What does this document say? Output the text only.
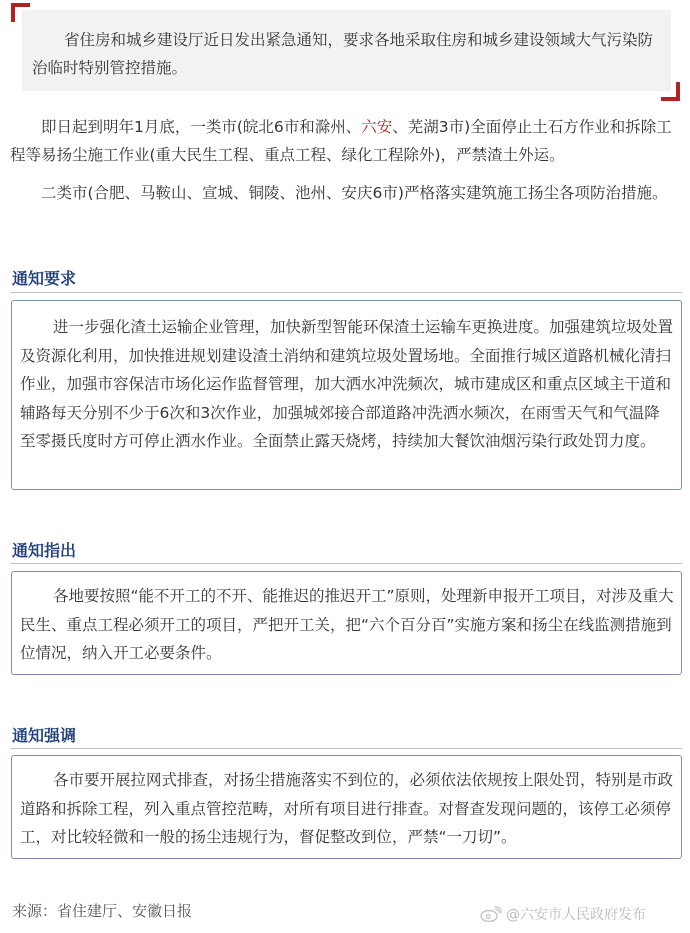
省住房和城乡建设厅近日发出紧急通知，要求各地采取住房和城乡建设领域大气污染防治临时特别管控措施。
即日起到明年1月底，一类市(皖北6市和滁州、六安、芜湖3市)全面停止土石方作业和拆除工程等易扬尘施工作业(重大民生工程、重点工程、绿化工程除外)，严禁渣土外运。
二类市(合肥、马鞍山、宣城、铜陵、池州、安庆6市)严格落实建筑施工扬尘各项防治措施。
通知要求
进一步强化渣土运输企业管理，加快新型智能环保渣土运输车更换进度。加强建筑垃圾处置及资源化利用，加快推进规划建设渣土消纳和建筑垃圾处置场地。全面推行城区道路机械化清扫作业，加强市容保洁市场化运作监督管理，加大洒水冲洗频次，城市建成区和重点区域主干道和辅路每天分别不少于6次和3次作业，加强城郊接合部道路冲洗洒水频次，在雨雪天气和气温降至零摄氏度时方可停止洒水作业。全面禁止露天烧烤，持续加大餐饮油烟污染行政处罚力度。
通知指出
各地要按照“能不开工的不开、能推迟的推迟开工”原则，处理新申报开工项目，对涉及重大民生、重点工程必须开工的项目，严把开工关，把“六个百分百”实施方案和扬尘在线监测措施到位情况，纳入开工必要条件。
通知强调
各市要开展拉网式排查，对扬尘措施落实不到位的，必须依法依规按上限处罚，特别是市政道路和拆除工程，列入重点管控范畴，对所有项目进行排查。对督查发现问题的，该停工必须停工，对比较轻微和一般的扬尘违规行为，督促整改到位，严禁“一刀切”。
来源：省住建厅、安徽日报	@六安市人民政府发布
